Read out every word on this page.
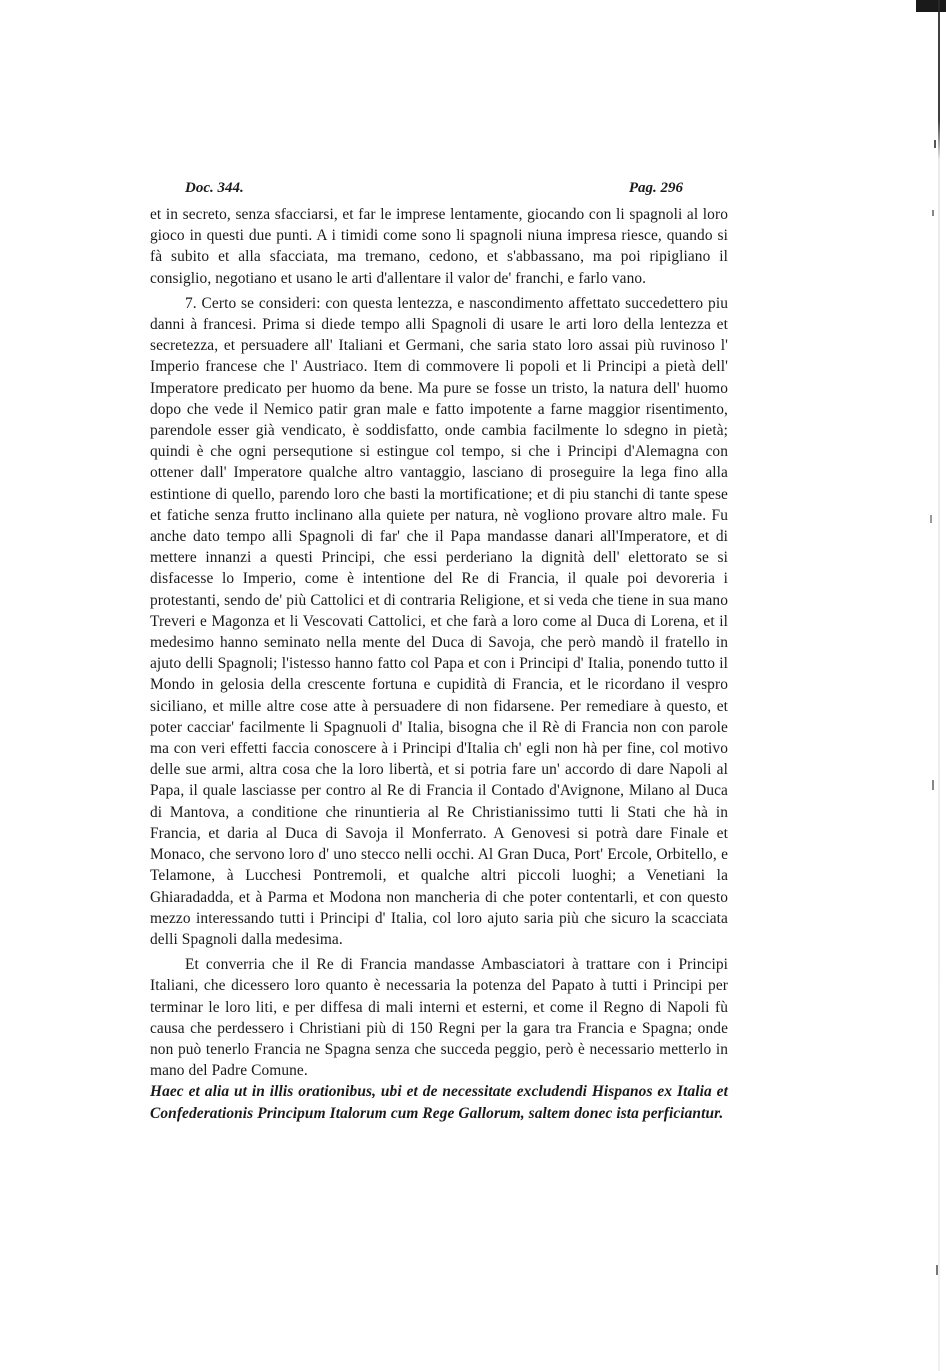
Doc. 344.	Pag. 296

et in secreto, senza sfacciarsi, et far le imprese lentamente, giocando con li spagnoli al loro gioco in questi due punti. A i timidi come sono li spagnoli niuna impresa riesce, quando si fà subito et alla sfacciata, ma tremano, cedono, et s'abbassano, ma poi ripigliano il consiglio, negotiano et usano le arti d'allentare il valor de' franchi, e farlo vano.

7. Certo se consideri: con questa lentezza, e nascondimento affettato succedettero piu danni à francesi. Prima si diede tempo alli Spagnoli di usare le arti loro della lentezza et secretezza, et persuadere all' Italiani et Germani, che saria stato loro assai più ruvinoso l' Imperio francese che l' Austriaco. Item di commovere li popoli et li Principi a pietà dell' Imperatore predicato per huomo da bene. Ma pure se fosse un tristo, la natura dell' huomo dopo che vede il Nemico patir gran male e fatto impotente a farne maggior risentimento, parendole esser già vendicato, è soddisfatto, onde cambia facilmente lo sdegno in pietà; quindi è che ogni persequtione si estingue col tempo, si che i Principi d'Alemagna con ottener dall' Imperatore qualche altro vantaggio, lasciano di proseguire la lega fino alla estintione di quello, parendo loro che basti la mortificatione; et di piu stanchi di tante spese et fatiche senza frutto inclinano alla quiete per natura, nè vogliono provare altro male. Fu anche dato tempo alli Spagnoli di far' che il Papa mandasse danari all'Imperatore, et di mettere innanzi a questi Principi, che essi perderiano la dignità dell' elettorato se si disfacesse lo Imperio, come è intentione del Re di Francia, il quale poi devoreria i protestanti, sendo de' più Cattolici et di contraria Religione, et si veda che tiene in sua mano Treveri e Magonza et li Vescovati Cattolici, et che farà a loro come al Duca di Lorena, et il medesimo hanno seminato nella mente del Duca di Savoja, che però mandò il fratello in ajuto delli Spagnoli; l'istesso hanno fatto col Papa et con i Principi d' Italia, ponendo tutto il Mondo in gelosia della crescente fortuna e cupidità di Francia, et le ricordano il vespro siciliano, et mille altre cose atte à persuadere di non fidarsene. Per remediare à questo, et poter cacciar' facilmente li Spagnuoli d' Italia, bisogna che il Rè di Francia non con parole ma con veri effetti faccia conoscere à i Principi d'Italia ch' egli non hà per fine, col motivo delle sue armi, altra cosa che la loro libertà, et si potria fare un' accordo di dare Napoli al Papa, il quale lasciasse per contro al Re di Francia il Contado d'Avignone, Milano al Duca di Mantova, a conditione che rinuntieria al Re Christianissimo tutti li Stati che hà in Francia, et daria al Duca di Savoja il Monferrato. A Genovesi si potrà dare Finale et Monaco, che servono loro d' uno stecco nelli occhi. Al Gran Duca, Port' Ercole, Orbitello, e Telamone, à Lucchesi Pontremoli, et qualche altri piccoli luoghi; a Venetiani la Ghiaradadda, et à Parma et Modona non mancheria di che poter contentarli, et con questo mezzo interessando tutti i Principi d' Italia, col loro ajuto saria più che sicuro la scacciata delli Spagnoli dalla medesima.

Et converria che il Re di Francia mandasse Ambasciatori à trattare con i Principi Italiani, che dicessero loro quanto è necessaria la potenza del Papato à tutti i Principi per terminar le loro liti, e per diffesa di mali interni et esterni, et come il Regno di Napoli fù causa che perdessero i Christiani più di 150 Regni per la gara tra Francia e Spagna; onde non può tenerlo Francia ne Spagna senza che succeda peggio, però è necessario metterlo in mano del Padre Comune.

Haec et alia ut in illis orationibus, ubi et de necessitate excludendi Hispanos ex Italia et Confederationis Principum Italorum cum Rege Gallorum, saltem donec ista perficiantur.
